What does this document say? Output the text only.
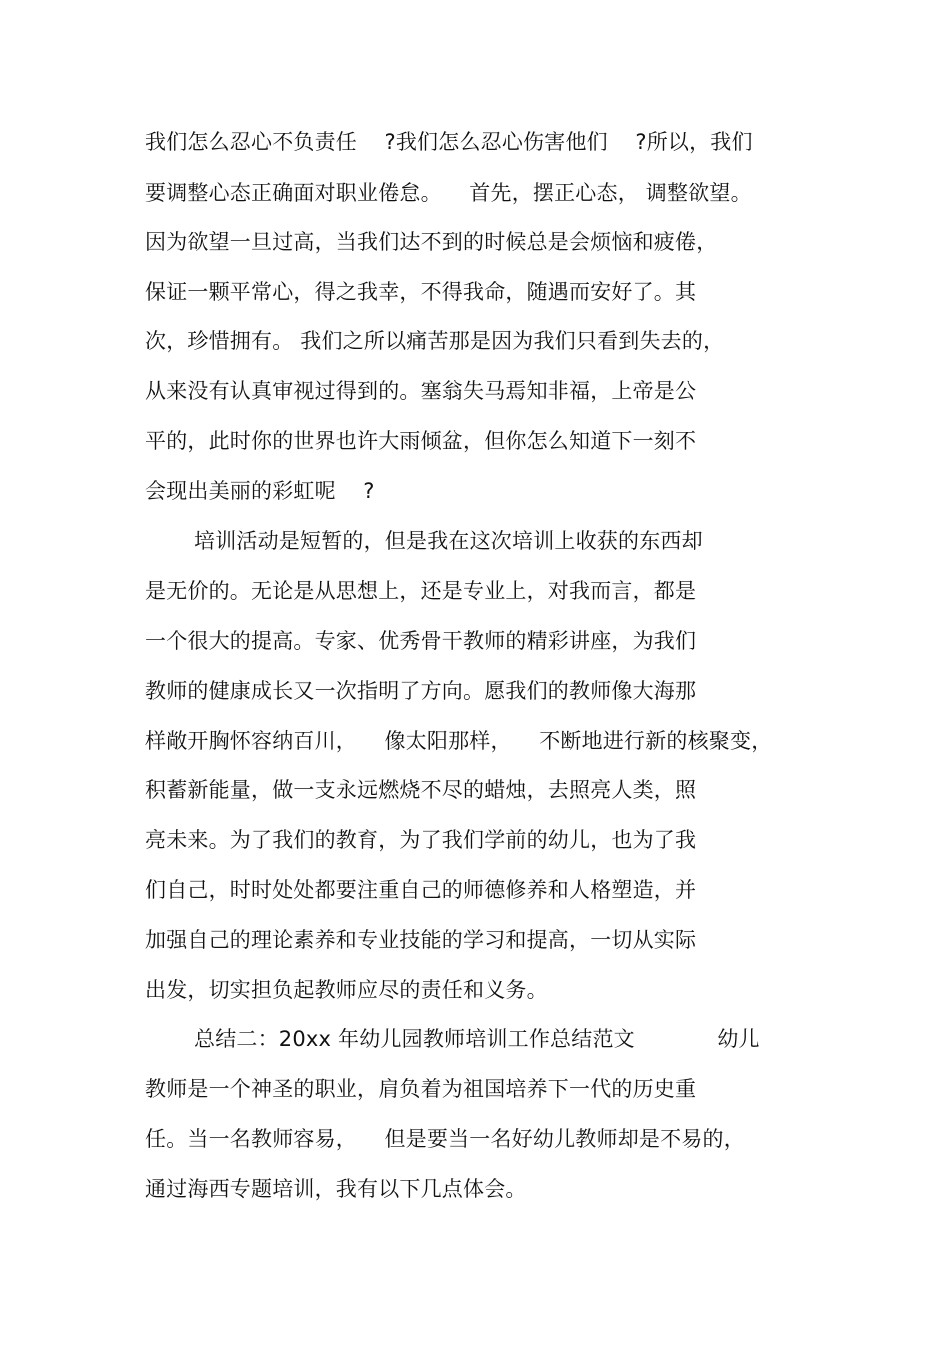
我们怎么忍心不负责任    ?我们怎么忍心伤害他们    ?所以，我们
要调整心态正确面对职业倦怠。    首先，摆正心态， 调整欲望。
因为欲望一旦过高，当我们达不到的时候总是会烦恼和疲倦，
保证一颗平常心，得之我幸，不得我命，随遇而安好了。其
次，珍惜拥有。 我们之所以痛苦那是因为我们只看到失去的，
从来没有认真审视过得到的。塞翁失马焉知非福，上帝是公
平的，此时你的世界也许大雨倾盆，但你怎么知道下一刻不
会现出美丽的彩虹呢    ?
培训活动是短暂的，但是我在这次培训上收获的东西却
是无价的。无论是从思想上，还是专业上，对我而言，都是
一个很大的提高。专家、优秀骨干教师的精彩讲座，为我们
教师的健康成长又一次指明了方向。愿我们的教师像大海那
样敞开胸怀容纳百川，    像太阳那样，    不断地进行新的核聚变，
积蓄新能量，做一支永远燃烧不尽的蜡烛，去照亮人类，照
亮未来。为了我们的教育，为了我们学前的幼儿，也为了我
们自己，时时处处都要注重自己的师德修养和人格塑造，并
加强自己的理论素养和专业技能的学习和提高，一切从实际
出发，切实担负起教师应尽的责任和义务。
总结二：20xx 年幼儿园教师培训工作总结范文            幼儿
教师是一个神圣的职业，肩负着为祖国培养下一代的历史重
任。当一名教师容易，    但是要当一名好幼儿教师却是不易的，
通过海西专题培训，我有以下几点体会。
